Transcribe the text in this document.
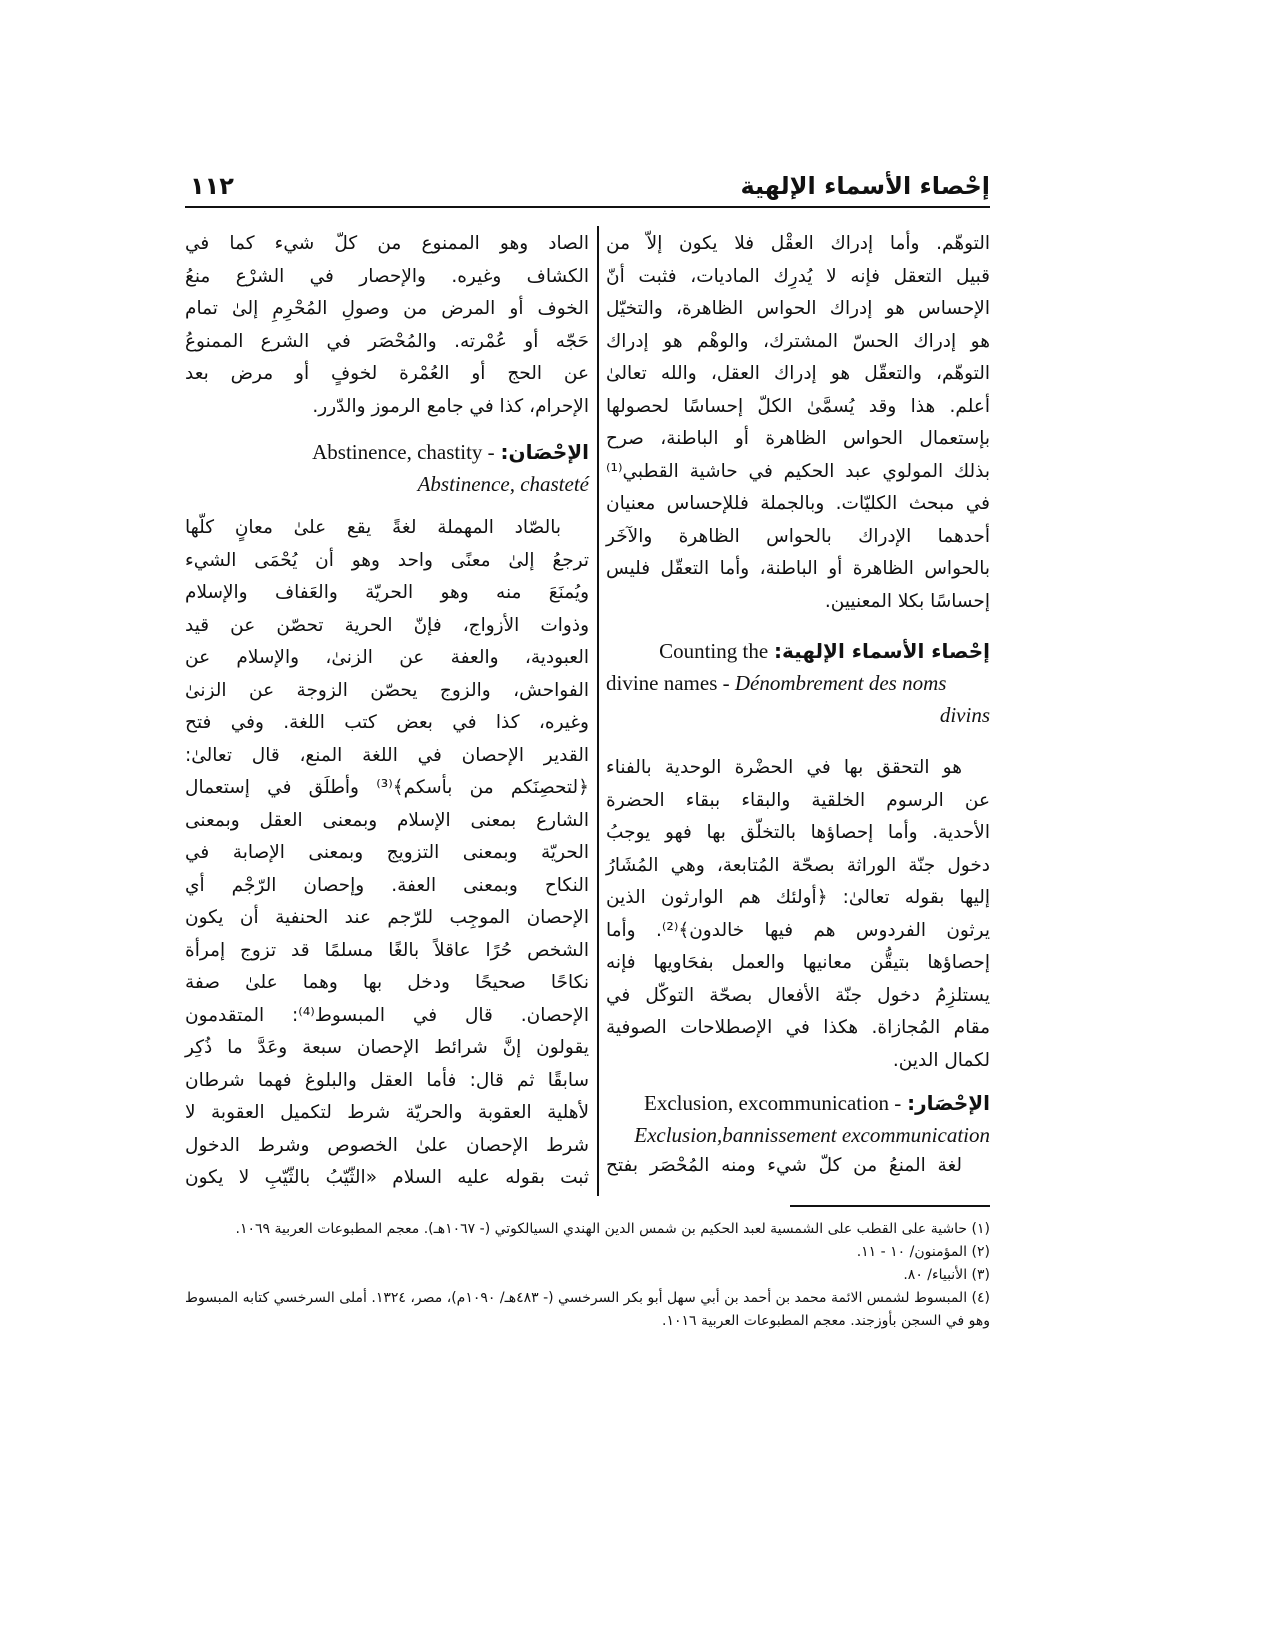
إحْصاء الأسماء الإلهية
١١٢
التوهّم. وأما إدراك العقْل فلا يكون إلاّ من
قبيل التعقل فإنه لا يُدرِك الماديات، فثبت أنّ
الإحساس هو إدراك الحواس الظاهرة، والتخيّل
هو إدراك الحسّ المشترك، والوهْم هو إدراك
التوهّم، والتعقّل هو إدراك العقل، والله تعالىٰ
أعلم. هذا وقد يُسمَّىٰ الكلّ إحساسًا لحصولها
بإستعمال الحواس الظاهرة أو الباطنة، صرح
بذلك المولوي عبد الحكيم في حاشية القطبي⁽¹⁾
في مبحث الكليّات. وبالجملة فللإحساس معنيان
أحدهما الإدراك بالحواس الظاهرة والآخَر
بالحواس الظاهرة أو الباطنة، وأما التعقّل فليس
إحساسًا بكلا المعنيين.
إحْصاء الأسماء الإلهية: Counting the
divine names - Dénombrement des noms
divins
هو التحقق بها في الحضْرة الوحدية بالفناء
عن الرسوم الخلقية والبقاء ببقاء الحضرة
الأحدية. وأما إحصاؤها بالتخلّق بها فهو يوجبُ
دخول جنّة الوراثة بصحّة المُتابعة، وهي المُشَارُ
إليها بقوله تعالىٰ: ﴿أولئك هم الوارثون الذين
يرثون الفردوس هم فيها خالدون﴾⁽²⁾. وأما
إحصاؤها بتيقُّن معانيها والعمل بفحَاويها فإنه
يستلزِمُ دخول جنّة الأفعال بصحّة التوكّل في
مقام المُجازاة. هكذا في الإصطلاحات الصوفية
لكمال الدين.
الإحْصَار: Exclusion, excommunication -
Exclusion,bannissement excommunication
لغة المنعُ من كلّ شيء ومنه المُحْصَر بفتح
الصاد وهو الممنوع من كلّ شيء كما في
الكشاف وغيره. والإحصار في الشرْع منعُ
الخوف أو المرض من وصولِ المُحْرِمِ إلىٰ تمام
حَجّه أو عُمْرته. والمُحْصَر في الشرع الممنوعُ
عن الحج أو العُمْرة لخوفٍ أو مرض بعد
الإحرام، كذا في جامع الرموز والدّرر.
الإحْصَان: Abstinence, chastity -
Abstinence, chasteté
بالصّاد المهملة لغةً يقع علىٰ معانٍ كلّها
ترجعُ إلىٰ معنًى واحد وهو أن يُحْمَى الشيء
ويُمنَعَ منه وهو الحريّة والعَفاف والإسلام
وذوات الأزواج، فإنّ الحرية تحصّن عن قيد
العبودية، والعفة عن الزنىٰ، والإسلام عن
الفواحش، والزوج يحصّن الزوجة عن الزنىٰ
وغيره، كذا في بعض كتب اللغة. وفي فتح
القدير الإحصان في اللغة المنع، قال تعالىٰ:
﴿لتحصِنَكم من بأسكم﴾⁽³⁾ وأطلَق في إستعمال
الشارع بمعنى الإسلام وبمعنى العقل وبمعنى
الحريّة وبمعنى التزويج وبمعنى الإصابة في
النكاح وبمعنى العفة. وإحصان الرّجْم أي
الإحصان الموجِب للرّجم عند الحنفية أن يكون
الشخص حُرًا عاقلاً بالغًا مسلمًا قد تزوج إمرأة
نكاحًا صحيحًا ودخل بها وهما علىٰ صفة
الإحصان. قال في المبسوط⁽⁴⁾: المتقدمون
يقولون إنَّ شرائط الإحصان سبعة وعَدَّ ما ذُكِر
سابقًا ثم قال: فأما العقل والبلوغ فهما شرطان
لأهلية العقوبة والحريّة شرط لتكميل العقوبة لا
شرط الإحصان علىٰ الخصوص وشرط الدخول
ثبت بقوله عليه السلام «الثّيّبُ بالثّيّبِ لا يكون
(١) حاشية على القطب على الشمسية لعبد الحكيم بن شمس الدين الهندي السيالكوتي (- ١٠٦٧هـ). معجم المطبوعات العربية ١٠٦٩.
(٢) المؤمنون/ ١٠ - ١١.
(٣) الأنبياء/ ٨٠.
(٤) المبسوط لشمس الائمة محمد بن أحمد بن أبي سهل أبو بكر السرخسي (- ٤٨٣هـ/ ١٠٩٠م)، مصر، ١٣٢٤. أملى السرخسي كتابه المبسوط وهو في السجن بأوزجند. معجم المطبوعات العربية ١٠١٦.
